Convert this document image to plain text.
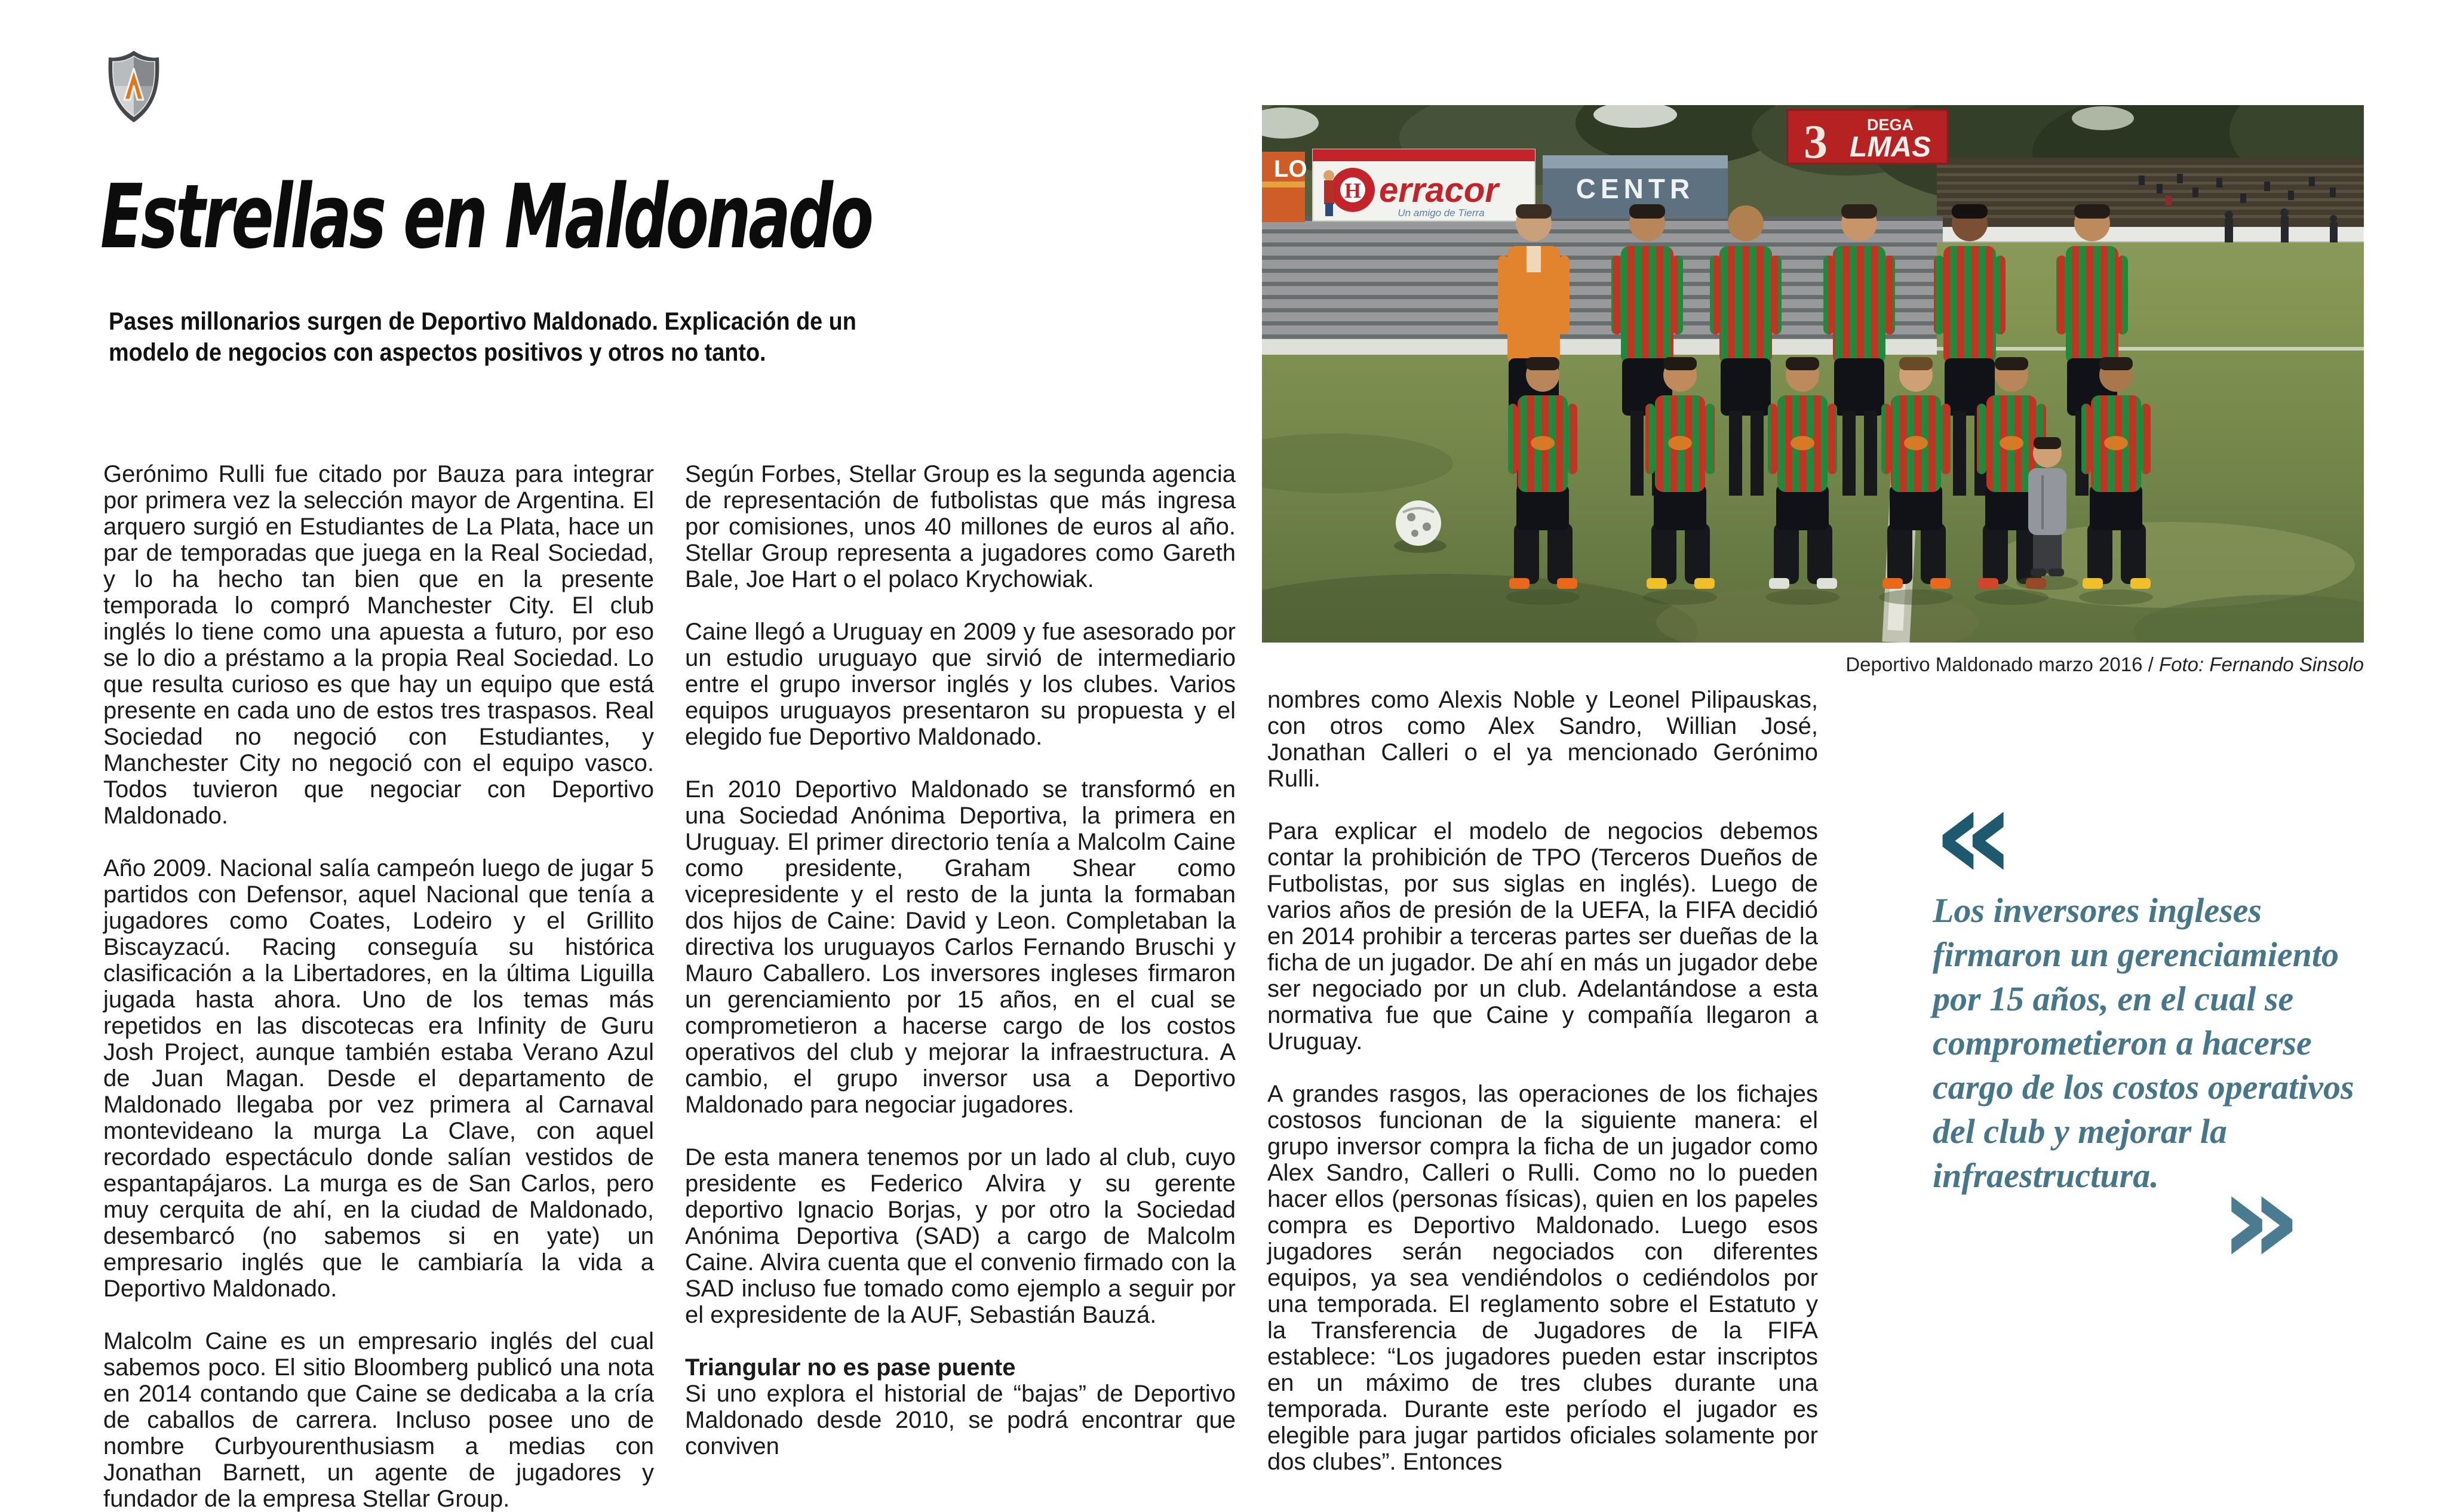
Estrellas en Maldonado

Pases millonarios surgen de Deportivo Maldonado. Explicación de un modelo de negocios con aspectos positivos y otros no tanto.

LO
H erracor
Un amigo de Tierra
CENTR
DEGA
3 LMAS
Deportivo Maldonado marzo 2016 / Foto: Fernando Sinsolo

Gerónimo Rulli fue citado por Bauza para integrar por primera vez la selección mayor de Argentina. El arquero surgió en Estudiantes de La Plata, hace un par de temporadas que juega en la Real Sociedad, y lo ha hecho tan bien que en la presente temporada lo compró Manchester City. El club inglés lo tiene como una apuesta a futuro, por eso se lo dio a préstamo a la propia Real Sociedad. Lo que resulta curioso es que hay un equipo que está presente en cada uno de estos tres traspasos. Real Sociedad no negoció con Estudiantes, y Manchester City no negoció con el equipo vasco. Todos tuvieron que negociar con Deportivo Maldonado.

Año 2009. Nacional salía campeón luego de jugar 5 partidos con Defensor, aquel Nacional que tenía a jugadores como Coates, Lodeiro y el Grillito Biscayzacú. Racing conseguía su histórica clasificación a la Libertadores, en la última Liguilla jugada hasta ahora. Uno de los temas más repetidos en las discotecas era Infinity de Guru Josh Project, aunque también estaba Verano Azul de Juan Magan. Desde el departamento de Maldonado llegaba por vez primera al Carnaval montevideano la murga La Clave, con aquel recordado espectáculo donde salían vestidos de espantapájaros. La murga es de San Carlos, pero muy cerquita de ahí, en la ciudad de Maldonado, desembarcó (no sabemos si en yate) un empresario inglés que le cambiaría la vida a Deportivo Maldonado.

Malcolm Caine es un empresario inglés del cual sabemos poco. El sitio Bloomberg publicó una nota en 2014 contando que Caine se dedicaba a la cría de caballos de carrera. Incluso posee uno de nombre Curbyourenthusiasm a medias con Jonathan Barnett, un agente de jugadores y fundador de la empresa Stellar Group.

Según Forbes, Stellar Group es la segunda agencia de representación de futbolistas que más ingresa por comisiones, unos 40 millones de euros al año. Stellar Group representa a jugadores como Gareth Bale, Joe Hart o el polaco Krychowiak.

Caine llegó a Uruguay en 2009 y fue asesorado por un estudio uruguayo que sirvió de intermediario entre el grupo inversor inglés y los clubes. Varios equipos uruguayos presentaron su propuesta y el elegido fue Deportivo Maldonado.

En 2010 Deportivo Maldonado se transformó en una Sociedad Anónima Deportiva, la primera en Uruguay. El primer directorio tenía a Malcolm Caine como presidente, Graham Shear como vicepresidente y el resto de la junta la formaban dos hijos de Caine: David y Leon. Completaban la directiva los uruguayos Carlos Fernando Bruschi y Mauro Caballero. Los inversores ingleses firmaron un gerenciamiento por 15 años, en el cual se comprometieron a hacerse cargo de los costos operativos del club y mejorar la infraestructura. A cambio, el grupo inversor usa a Deportivo Maldonado para negociar jugadores.

De esta manera tenemos por un lado al club, cuyo presidente es Federico Alvira y su gerente deportivo Ignacio Borjas, y por otro la Sociedad Anónima Deportiva (SAD) a cargo de Malcolm Caine. Alvira cuenta que el convenio firmado con la SAD incluso fue tomado como ejemplo a seguir por el expresidente de la AUF, Sebastián Bauzá.

Triangular no es pase puente

Si uno explora el historial de “bajas” de Deportivo Maldonado desde 2010, se podrá encontrar que conviven

nombres como Alexis Noble y Leonel Pilipauskas, con otros como Alex Sandro, Willian José, Jonathan Calleri o el ya mencionado Gerónimo Rulli.

Para explicar el modelo de negocios debemos contar la prohibición de TPO (Terceros Dueños de Futbolistas, por sus siglas en inglés). Luego de varios años de presión de la UEFA, la FIFA decidió en 2014 prohibir a terceras partes ser dueñas de la ficha de un jugador. De ahí en más un jugador debe ser negociado por un club. Adelantándose a esta normativa fue que Caine y compañía llegaron a Uruguay.

A grandes rasgos, las operaciones de los fichajes costosos funcionan de la siguiente manera: el grupo inversor compra la ficha de un jugador como Alex Sandro, Calleri o Rulli. Como no lo pueden hacer ellos (personas físicas), quien en los papeles compra es Deportivo Maldonado. Luego esos jugadores serán negociados con diferentes equipos, ya sea vendiéndolos o cediéndolos por una temporada. El reglamento sobre el Estatuto y la Transferencia de Jugadores de la FIFA establece: “Los jugadores pueden estar inscriptos en un máximo de tres clubes durante una temporada. Durante este período el jugador es elegible para jugar partidos oficiales solamente por dos clubes”. Entonces

«
Los inversores ingleses firmaron un gerenciamiento por 15 años, en el cual se comprometieron a hacerse cargo de los costos operativos del club y mejorar la infraestructura. »
